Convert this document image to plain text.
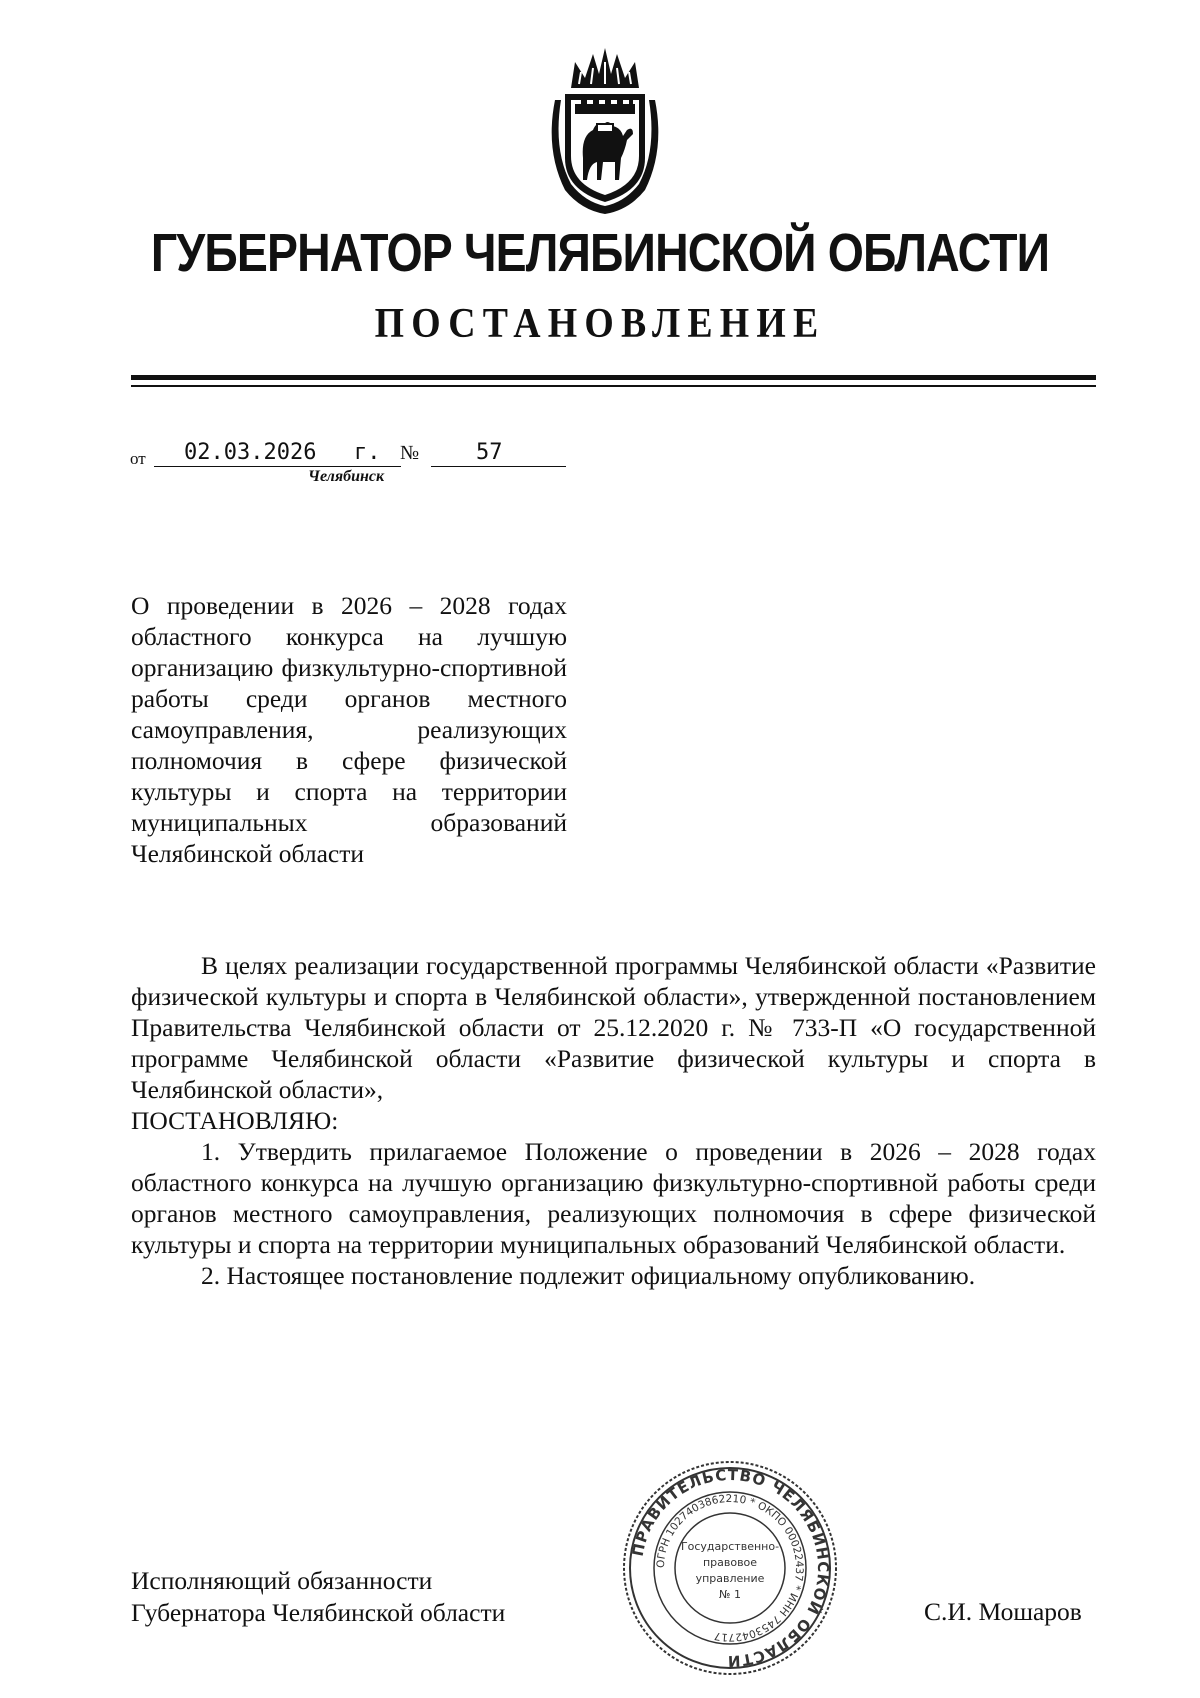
ГУБЕРНАТОР ЧЕЛЯБИНСКОЙ ОБЛАСТИ
ПОСТАНОВЛЕНИЕ
от 02.03.2026 г. №	57
Челябинск

О проведении в 2026 – 2028 годах областного конкурса на лучшую организацию физкультурно-спортивной работы среди органов местного самоуправления, реализующих полномочия в сфере физической культуры и спорта на территории муниципальных образований Челябинской области

В целях реализации государственной программы Челябинской области «Развитие физической культуры и спорта в Челябинской области», утвержденной постановлением Правительства Челябинской области от 25.12.2020 г. № 733-П «О государственной программе Челябинской области «Развитие физической культуры и спорта в Челябинской области»,

ПОСТАНОВЛЯЮ:

1. Утвердить прилагаемое Положение о проведении в 2026 – 2028 годах областного конкурса на лучшую организацию физкультурно-спортивной работы среди органов местного самоуправления, реализующих полномочия в сфере физической культуры и спорта на территории муниципальных образований Челябинской области.

2. Настоящее постановление подлежит официальному опубликованию.

Исполняющий обязанности
Губернатора Челябинской области	С.И. Мошаров
ПРАВИТЕЛЬСТВО ЧЕЛЯБИНСКОЙ ОБЛАСТИ
ОГРН 1027403862210 * ОКПО 00022437 * ИНН 7453042717
Государственно-
правовое
управление
№ 1
